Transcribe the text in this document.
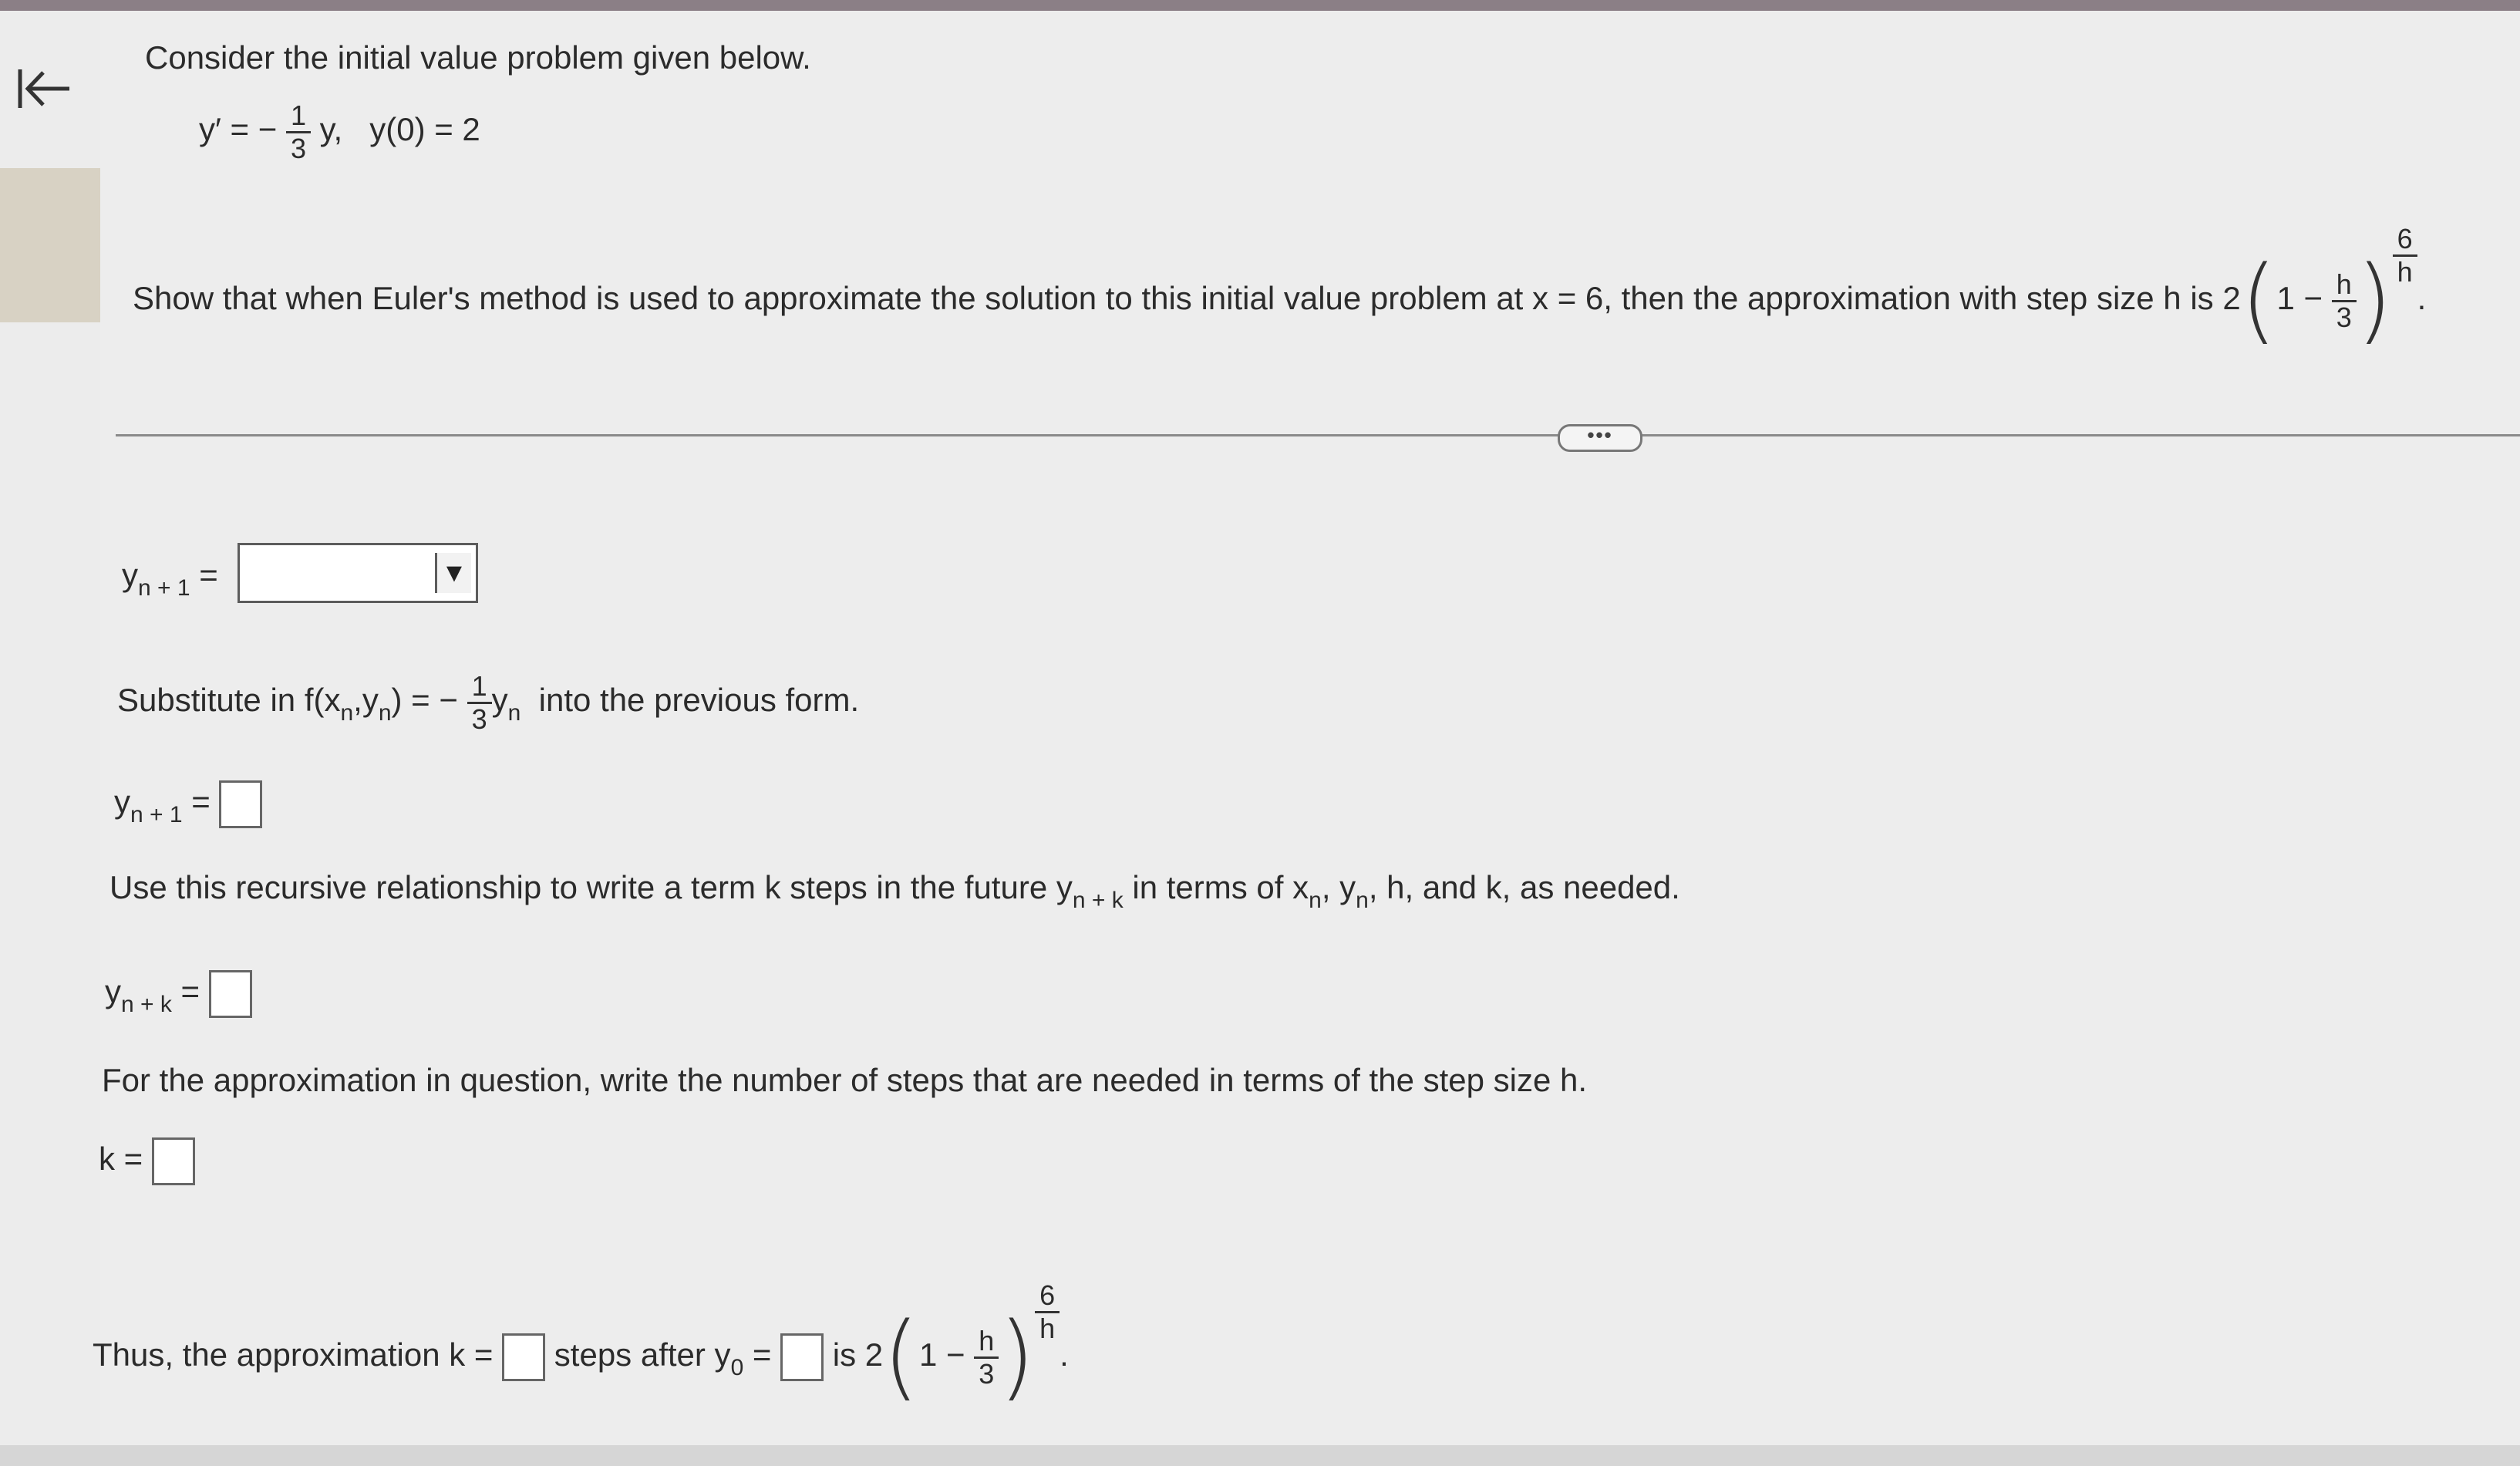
Consider the initial value problem given below.
y′ = − $\frac{1}{3} y$, y(0) = 2
Show that when Euler's method is used to approximate the solution to this initial value problem at x = 6, then the approximation with step size h is $2(1 - \frac{h}{3}$ ) $\frac{6}{h}$
.
•••
$y_{n + 1}$ =	▼
Substitute in $f(x_n,y_n)$ = − $\frac{1}{3} y_n$ into the previous form.
$y_{n + 1}$ =
Use this recursive relationship to write a term k steps in the future $y_{n + k}$ in terms of $x_n$, $y_n$, h, and k, as needed.
$y_{n + k}$ =
For the approximation in question, write the number of steps that are needed in terms of the step size h.
k =
Thus, the approximation k = steps after $y_0$ = is $2(1 - \frac{h}{3}$ ) $\frac{6}{h}$
.
